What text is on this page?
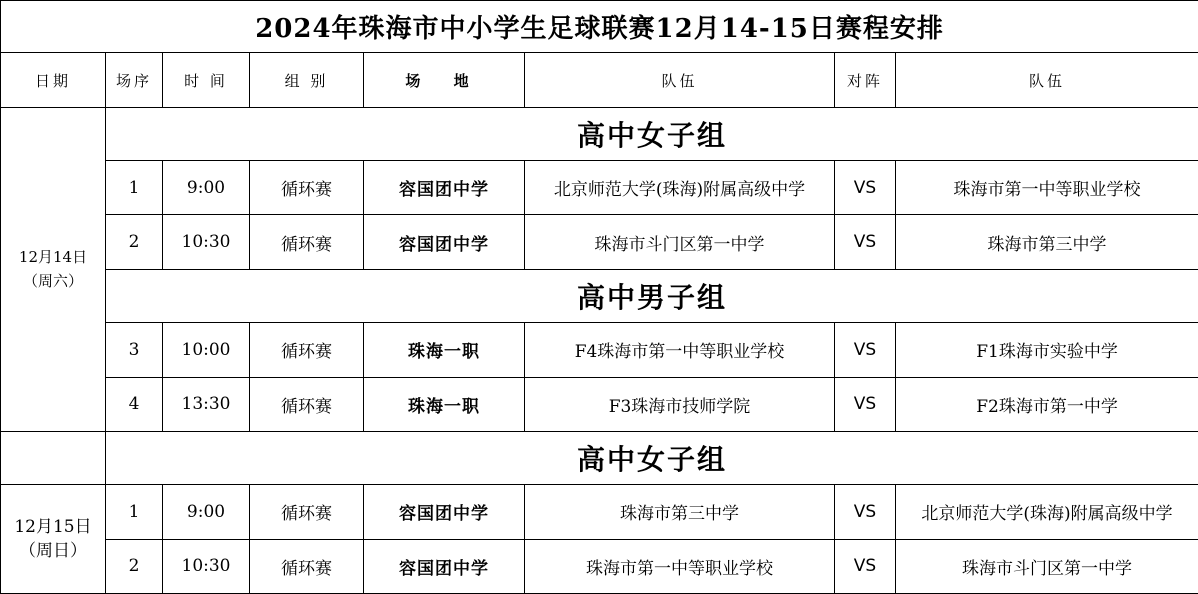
2024年珠海市中小学生足球联赛12月14-15日赛程安排							
日期	场序	时 间	组 别	场 地	队伍	对阵	队伍

12月14日
（周六）	高中女子组						
	1	9:00	循环赛	容国团中学	北京师范大学(珠海)附属高级中学	VS	珠海市第一中等职业学校
	2	10:30	循环赛	容国团中学	珠海市斗门区第一中学	VS	珠海市第三中学
	高中男子组						
	3	10:00	循环赛	珠海一职	F4珠海市第一中等职业学校	VS	F1珠海市实验中学
	4	13:30	循环赛	珠海一职	F3珠海市技师学院	VS	F2珠海市第一中学
	高中女子组						

12月15日
（周日）	1	9:00	循环赛	容国团中学	珠海市第三中学	VS	北京师范大学(珠海)附属高级中学
	2	10:30	循环赛	容国团中学	珠海市第一中等职业学校	VS	珠海市斗门区第一中学
